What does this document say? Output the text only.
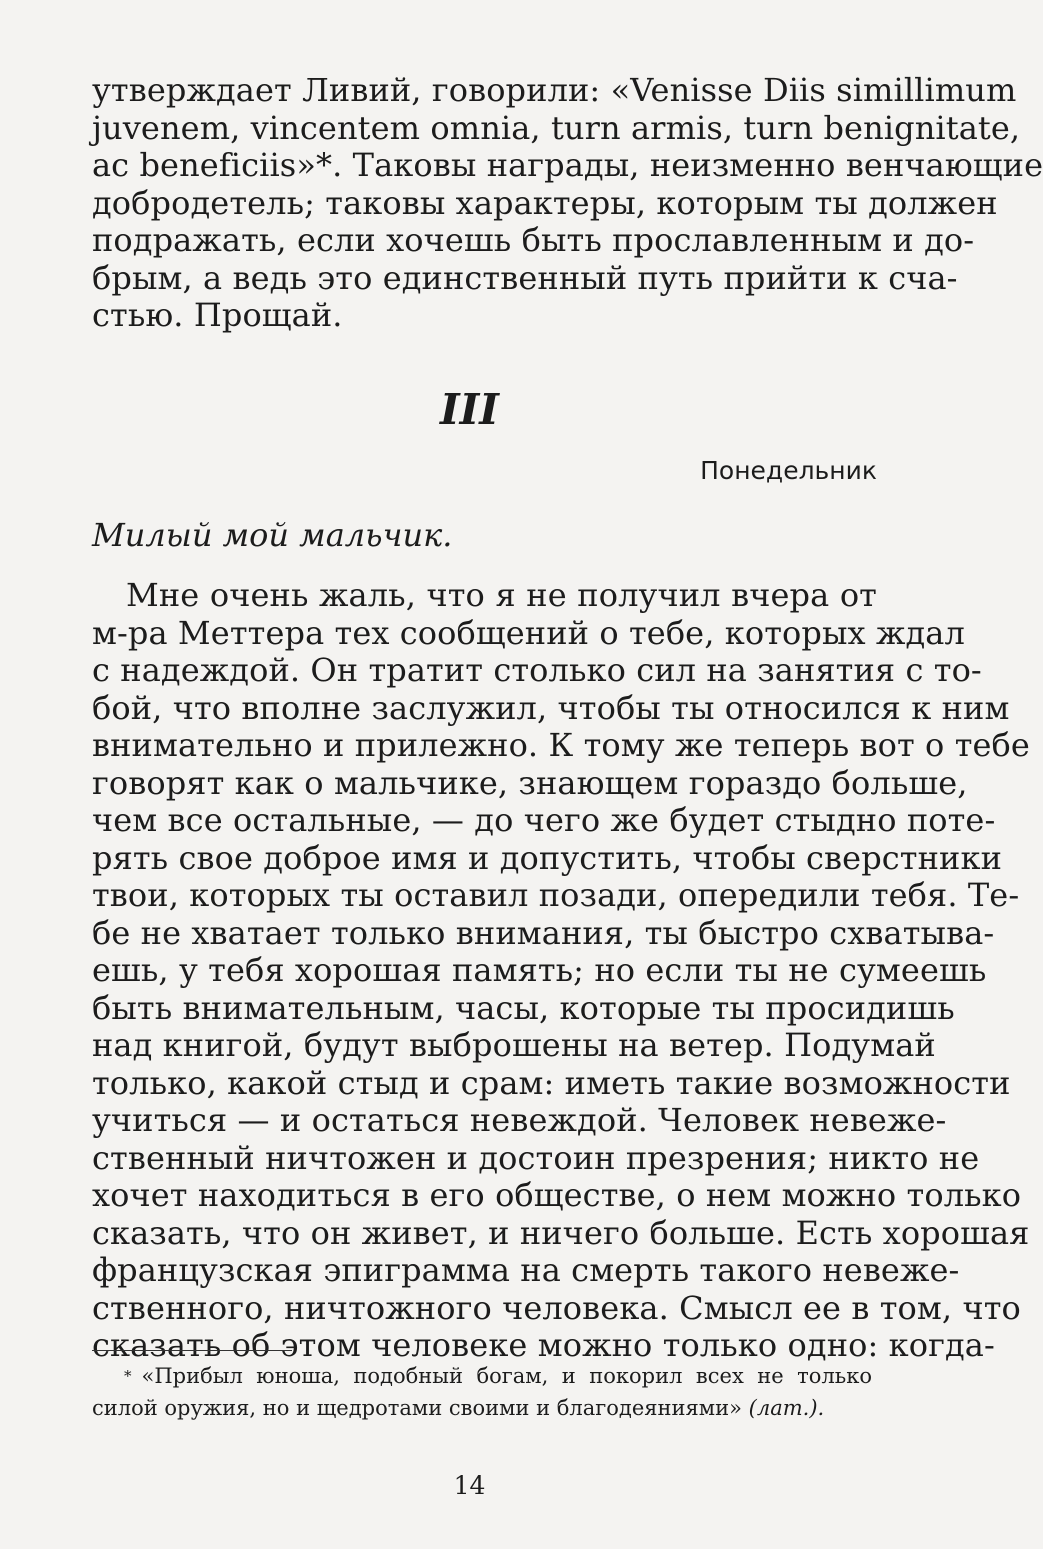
утверждает Ливий, говорили: «Venisse Diis simillimum
juvenem, vincentem omnia, turn armis, turn benignitate,
ac beneficiis»*. Таковы награды, неизменно венчающие
добродетель; таковы характеры, которым ты должен
подражать, если хочешь быть прославленным и до-
брым, а ведь это единственный путь прийти к сча-
стью. Прощай.
III
Понедельник
Милый мой мальчик.
Мне очень жаль, что я не получил вчера от
м-ра Меттера тех сообщений о тебе, которых ждал
с надеждой. Он тратит столько сил на занятия с то-
бой, что вполне заслужил, чтобы ты относился к ним
внимательно и прилежно. К тому же теперь вот о тебе
говорят как о мальчике, знающем гораздо больше,
чем все остальные, — до чего же будет стыдно поте-
рять свое доброе имя и допустить, чтобы сверстники
твои, которых ты оставил позади, опередили тебя. Те-
бе не хватает только внимания, ты быстро схватыва-
ешь, у тебя хорошая память; но если ты не сумеешь
быть внимательным, часы, которые ты просидишь
над книгой, будут выброшены на ветер. Подумай
только, какой стыд и срам: иметь такие возможности
учиться — и остаться невеждой. Человек невеже-
ственный ничтожен и достоин презрения; никто не
хочет находиться в его обществе, о нем можно только
сказать, что он живет, и ничего больше. Есть хорошая
французская эпиграмма на смерть такого невеже-
ственного, ничтожного человека. Смысл ее в том, что
сказать об этом человеке можно только одно: когда-
* «Прибыл юноша, подобный богам, и покорил всех не только
силой оружия, но и щедротами своими и благодеяниями» (лат.).
14
